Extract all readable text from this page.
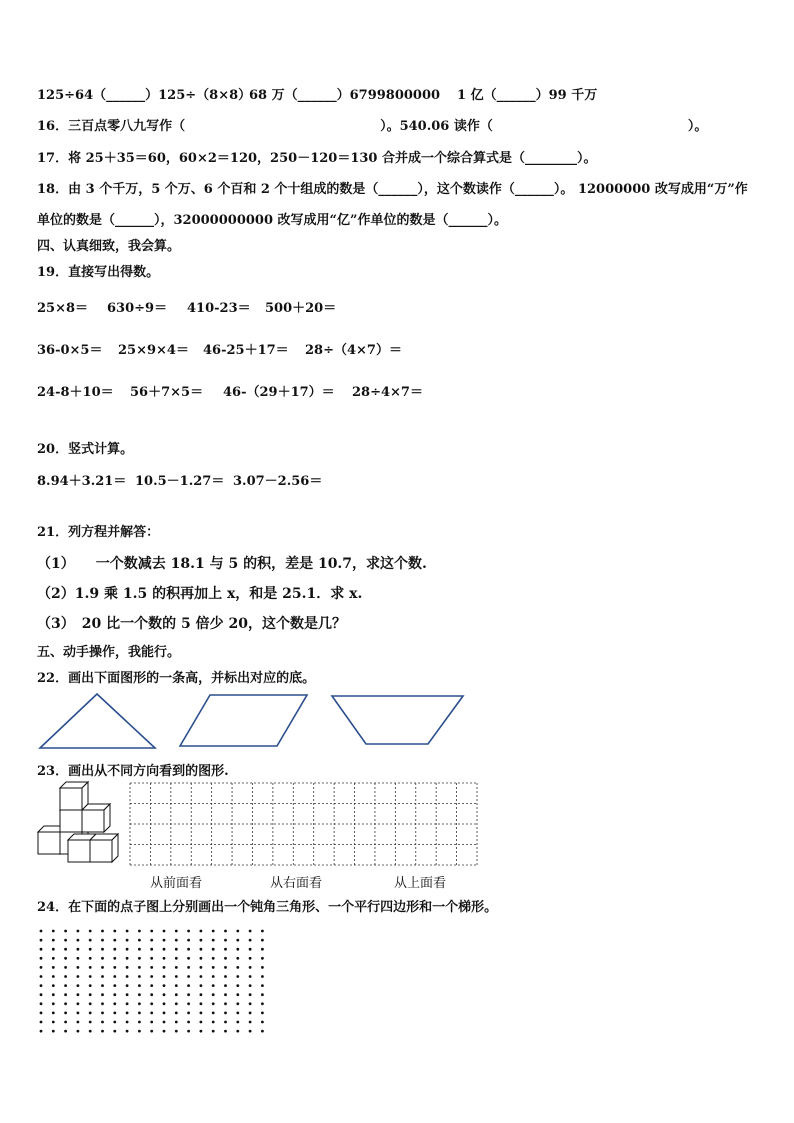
125÷64（______）125÷（8×8）
68 万（______）6799800000 1 亿（______）99 千万
16．三百点零八九写作（　　　　　　　　　　　　　　　）。540.06 读作（　　　　　　　　　　　　　　　）。
17．将 25＋35＝60，60×2＝120，250－120＝130 合并成一个综合算式是（________）。
18．由 3 个千万，5 个万、6 个百和 2 个十组成的数是（______），这个数读作（______）。 12000000 改写成用“万”作
单位的数是（______），32000000000 改写成用“亿”作单位的数是（______）。
四、认真细致，我会算。
19．直接写出得数。
25×8＝ 630÷9＝ 410-23＝ 500＋20＝
36-0×5＝ 25×9×4＝ 46-25＋17＝ 28÷（4×7）＝
24-8＋10＝ 56＋7×5＝ 46-（29＋17）＝ 28÷4×7＝
20．竖式计算。
8.94＋3.21＝ 10.5－1.27＝ 3.07－2.56＝
21．列方程并解答：
（1）　　一个数减去 18.1 与 5 的积，差是 10.7，求这个数.
（2）1.9 乘 1.5 的积再加上 x，和是 25.1．求 x.
（3）　20 比一个数的 5 倍少 20，这个数是几？
五、动手操作，我能行。
22．画出下面图形的一条高，并标出对应的底。
23．画出从不同方向看到的图形.
从前面看	从右面看	从上面看
24．在下面的点子图上分别画出一个钝角三角形、一个平行四边形和一个梯形。
